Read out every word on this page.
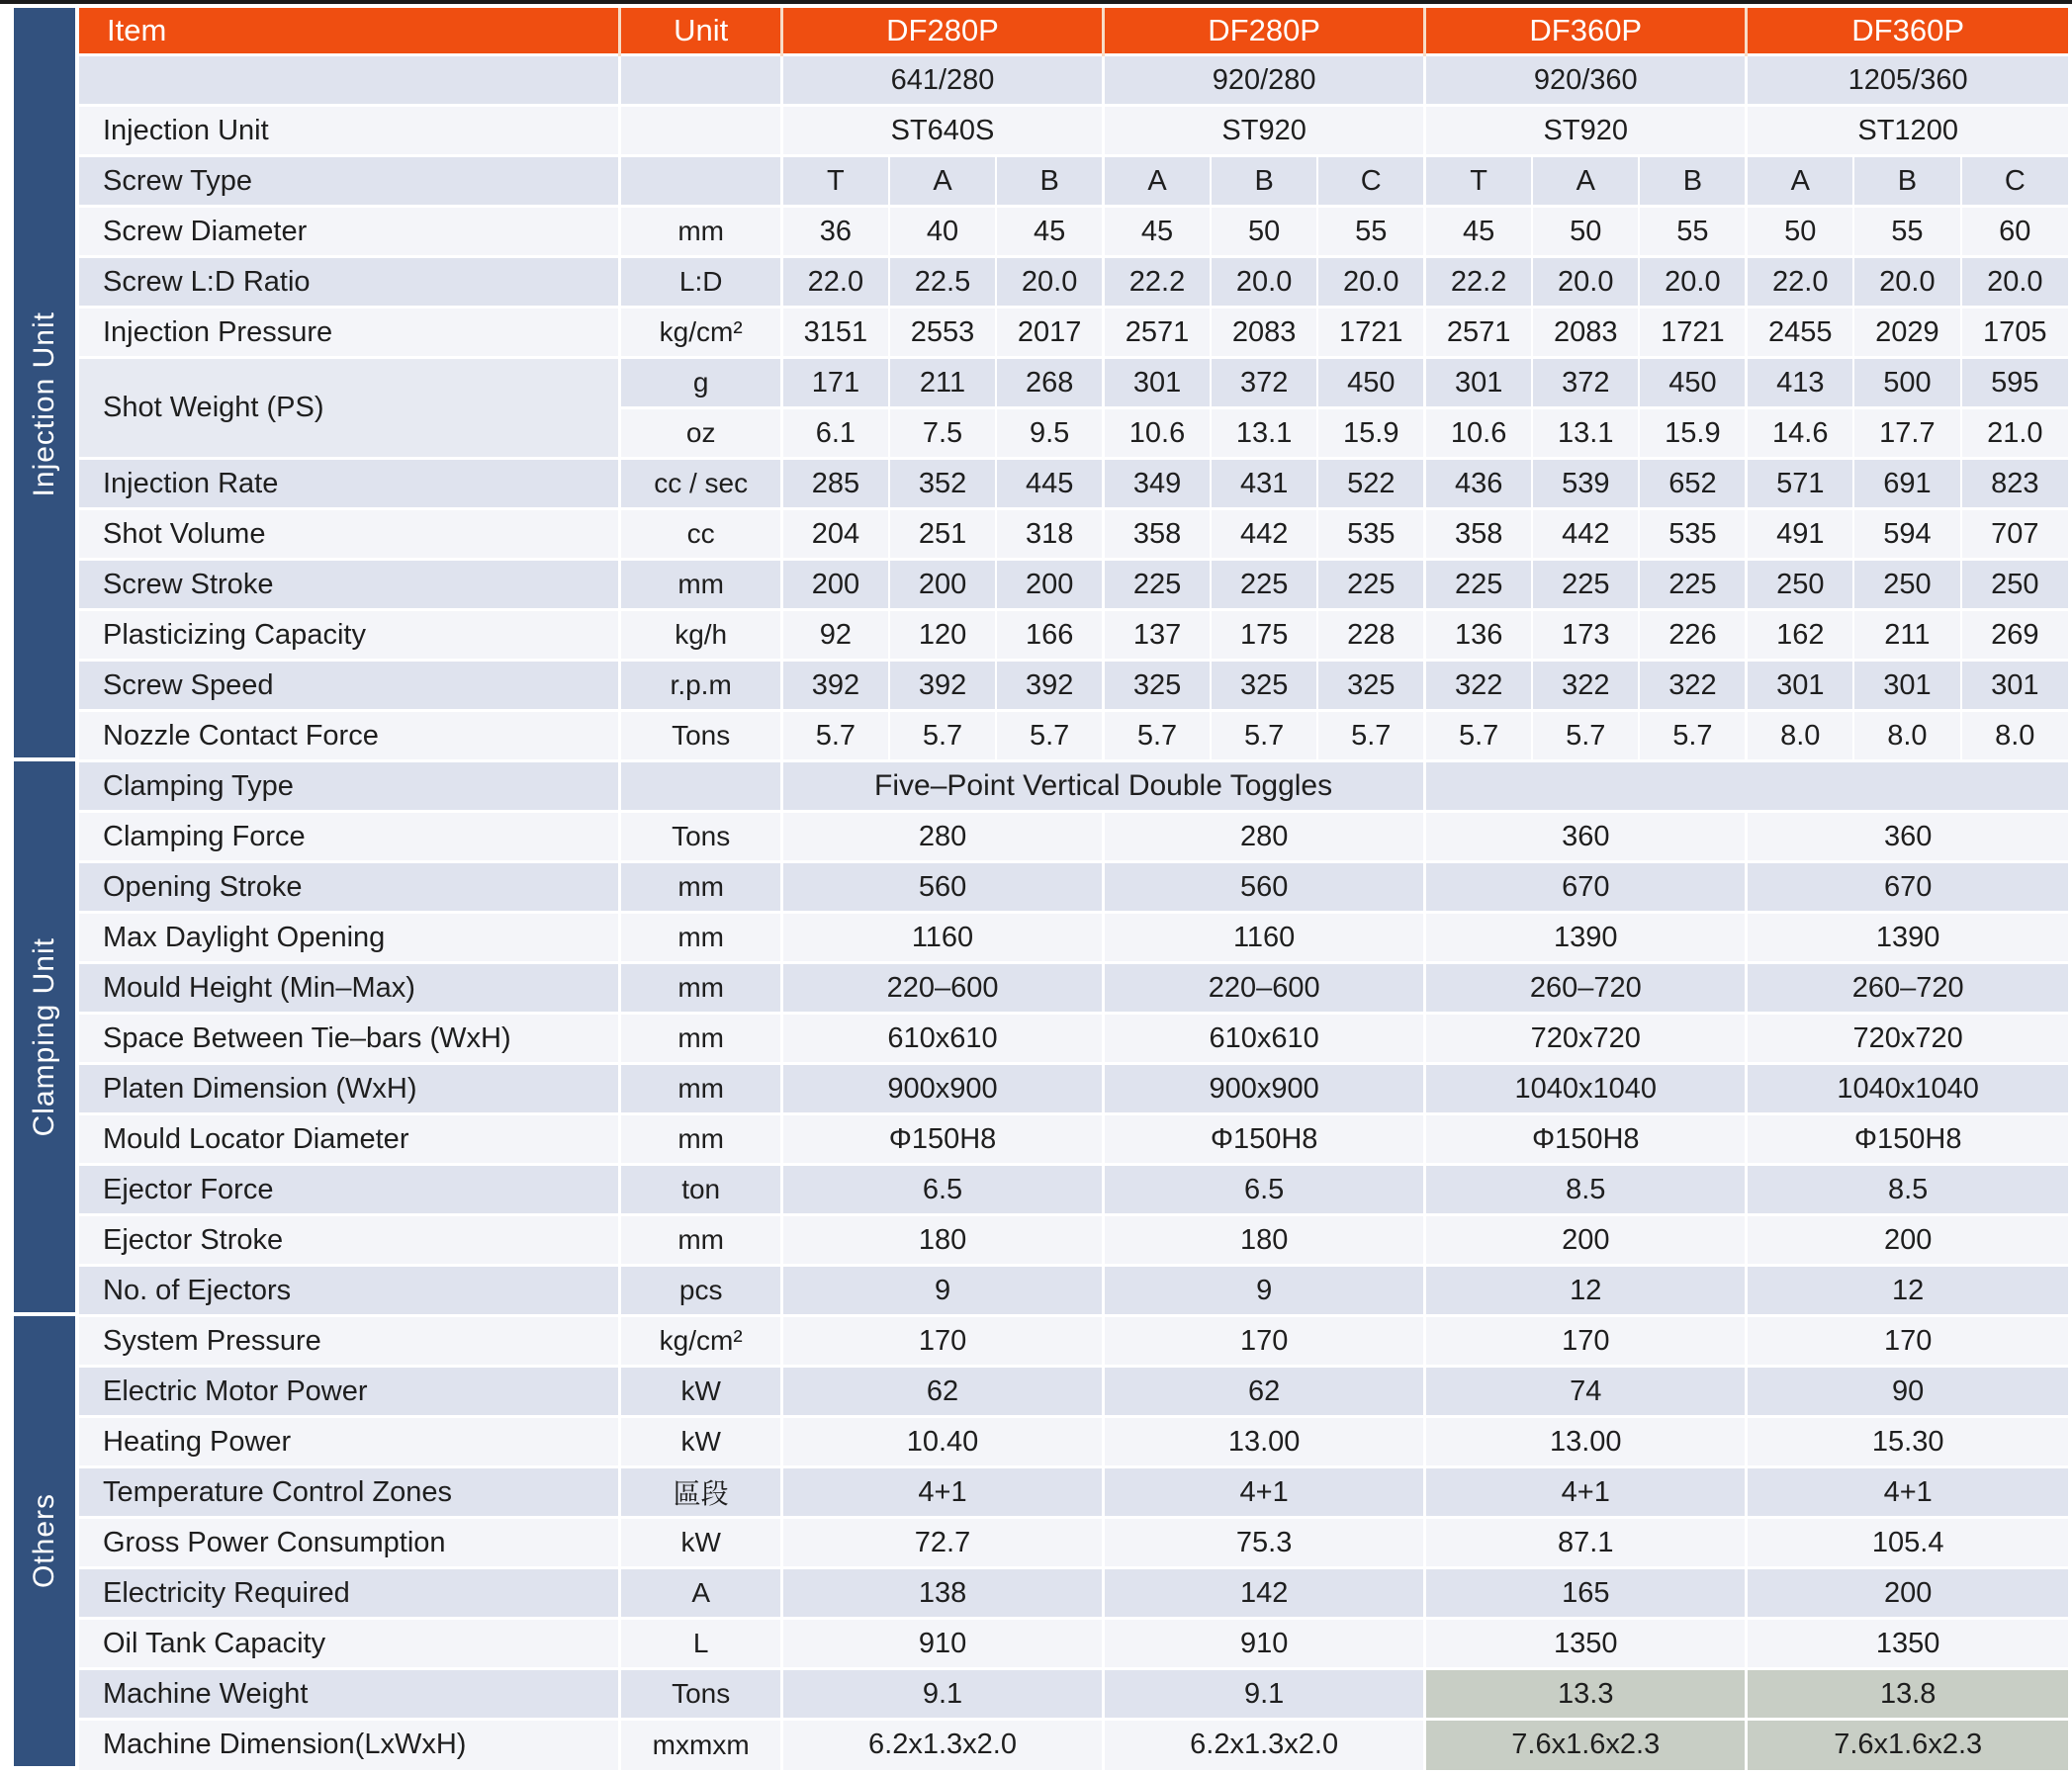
Injection Unit
Clamping Unit
Others
Item	Unit	DF280P			DF280P			DF360P			DF360P		
		641/280			920/280			920/360			1205/360		
Injection Unit		ST640S			ST920			ST920			ST1200		
Screw Type		T	A	B	A	B	C	T	A	B	A	B	C
Screw Diameter	mm	36	40	45	45	50	55	45	50	55	50	55	60
Screw L:D Ratio	L:D	22.0	22.5	20.0	22.2	20.0	20.0	22.2	20.0	20.0	22.0	20.0	20.0
Injection Pressure	kg/cm²	3151	2553	2017	2571	2083	1721	2571	2083	1721	2455	2029	1705
Shot Weight (PS)	g	171	211	268	301	372	450	301	372	450	413	500	595
	oz	6.1	7.5	9.5	10.6	13.1	15.9	10.6	13.1	15.9	14.6	17.7	21.0
Injection Rate	cc / sec	285	352	445	349	431	522	436	539	652	571	691	823
Shot Volume	cc	204	251	318	358	442	535	358	442	535	491	594	707
Screw Stroke	mm	200	200	200	225	225	225	225	225	225	250	250	250
Plasticizing Capacity	kg/h	92	120	166	137	175	228	136	173	226	162	211	269
Screw Speed	r.p.m	392	392	392	325	325	325	322	322	322	301	301	301
Nozzle Contact Force	Tons	5.7	5.7	5.7	5.7	5.7	5.7	5.7	5.7	5.7	8.0	8.0	8.0
Clamping Type		Five–Point Vertical Double Toggles											
Clamping Force	Tons	280			280			360			360		
Opening Stroke	mm	560			560			670			670		
Max Daylight Opening	mm	1160			1160			1390			1390		
Mould Height (Min–Max)	mm	220–600			220–600			260–720			260–720		
Space Between Tie–bars (WxH)	mm	610x610			610x610			720x720			720x720		
Platen Dimension (WxH)	mm	900x900			900x900			1040x1040			1040x1040		
Mould Locator Diameter	mm	Φ150H8			Φ150H8			Φ150H8			Φ150H8		
Ejector Force	ton	6.5			6.5			8.5			8.5		
Ejector Stroke	mm	180			180			200			200		
No. of Ejectors	pcs	9			9			12			12		
System Pressure	kg/cm²	170			170			170			170		
Electric Motor Power	kW	62			62			74			90		
Heating Power	kW	10.40			13.00			13.00			15.30		
Temperature Control Zones	區段	4+1			4+1			4+1			4+1		
Gross Power Consumption	kW	72.7			75.3			87.1			105.4		
Electricity Required	A	138			142			165			200		
Oil Tank Capacity	L	910			910			1350			1350		
Machine Weight	Tons	9.1			9.1			13.3			13.8		
Machine Dimension(LxWxH)	mxmxm	6.2x1.3x2.0			6.2x1.3x2.0			7.6x1.6x2.3			7.6x1.6x2.3		
